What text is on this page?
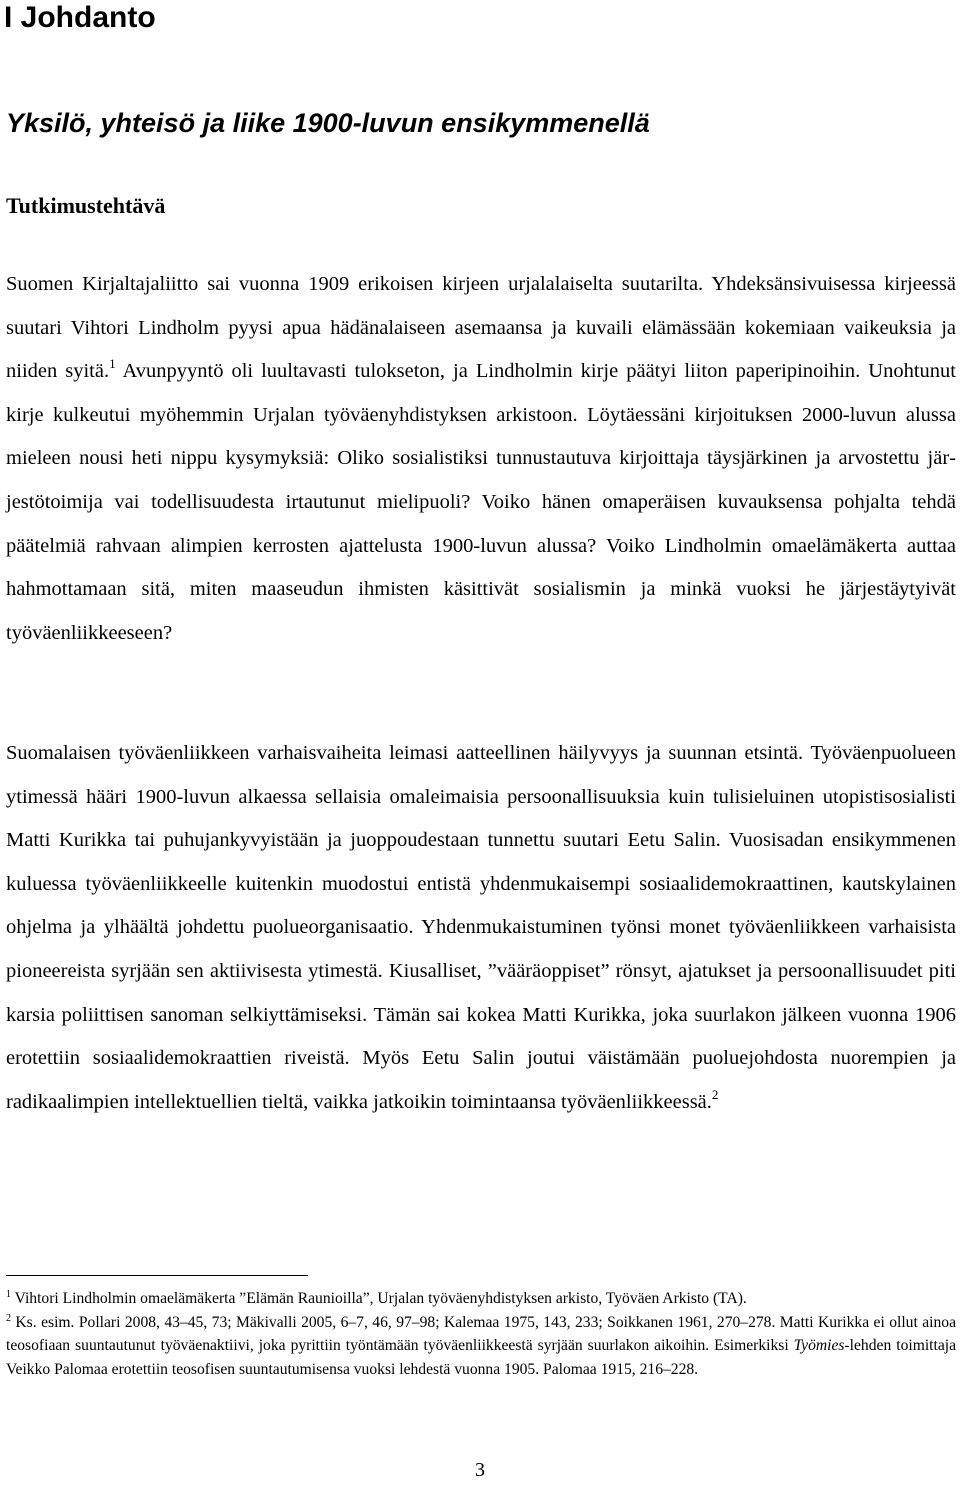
I Johdanto
Yksilö, yhteisö ja liike 1900-luvun ensikymmenellä
Tutkimustehtävä

Suomen Kirjaltajaliitto sai vuonna 1909 erikoisen kirjeen urjalalaiselta suutarilta. Yhdeksänsivuisessa kirjeessä suutari Vihtori Lindholm pyysi apua hädänalaiseen asemaansa ja kuvaili elämässään kokemiaan vaikeuksia ja niiden syitä.$^1$ Avunpyyntö oli luultavasti tulokseton, ja Lindholmin kirje päätyi liiton paperipinoihin. Unohtunut kirje kulkeutui myöhemmin Urjalan työväenyhdistyksen arkistoon. Löytäessäni kirjoituksen 2000-luvun alussa mieleen nousi heti nippu kysymyksiä: Oliko sosialistiksi tunnustautuva kirjoittaja täysjärkinen ja arvostettu järjestötoimija vai todellisuudesta irtautunut mielipuoli? Voiko hänen omaperäisen kuvauksensa pohjalta tehdä päätelmiä rahvaan alimpien kerrosten ajattelusta 1900-luvun alussa? Voiko Lindholmin omaelämäkerta auttaa hahmottamaan sitä, miten maaseudun ihmisten käsittivät sosialismin ja minkä vuoksi he järjestäytyivät työväenliikkeeseen?

Suomalaisen työväenliikkeen varhaisvaiheita leimasi aatteellinen häilyvyys ja suunnan etsintä. Työväenpuolueen ytimessä hääri 1900-luvun alkaessa sellaisia omaleimaisia persoonallisuuksia kuin tulisieluinen utopistisosialisti Matti Kurikka tai puhujankyvyistään ja juoppoudestaan tunnettu suutari Eetu Salin. Vuosisadan ensikymmenen kuluessa työväenliikkeelle kuitenkin muodostui entistä yhdenmukaisempi sosiaalidemokraattinen, kautskylainen ohjelma ja ylhäältä johdettu puolueorganisaatio. Yhdenmukaistuminen työnsi monet työväenliikkeen varhaisista pioneereista syrjään sen aktiivisesta ytimestä. Kiusalliset, ”vääräoppiset” rönsyt, ajatukset ja persoonallisuudet piti karsia poliittisen sanoman selkiyttämiseksi. Tämän sai kokea Matti Kurikka, joka suurlakon jälkeen vuonna 1906 erotettiin sosiaalidemokraattien riveistä. Myös Eetu Salin joutui väistämään puoluejohdosta nuorempien ja radikaalimpien intellektuellien tieltä, vaikka jatkoikin toimintaansa työväenliikkeessä.$^2$

$^1$ Vihtori Lindholmin omaelämäkerta ”Elämän Raunioilla”, Urjalan työväenyhdistyksen arkisto, Työväen Arkisto (TA).

$^2$ Ks. esim. Pollari 2008, 43–45, 73; Mäkivalli 2005, 6–7, 46, 97–98; Kalemaa 1975, 143, 233; Soikkanen 1961, 270–278. Matti Kurikka ei ollut ainoa teosofiaan suuntautunut työväenaktiivi, joka pyrittiin työntämään työväenliikkeestä syrjään suurlakon aikoihin. Esimerkiksi Työmies-lehden toimittaja Veikko Palomaa erotettiin teosofisen suuntautumisensa vuoksi lehdestä vuonna 1905. Palomaa 1915, 216–228.

3
